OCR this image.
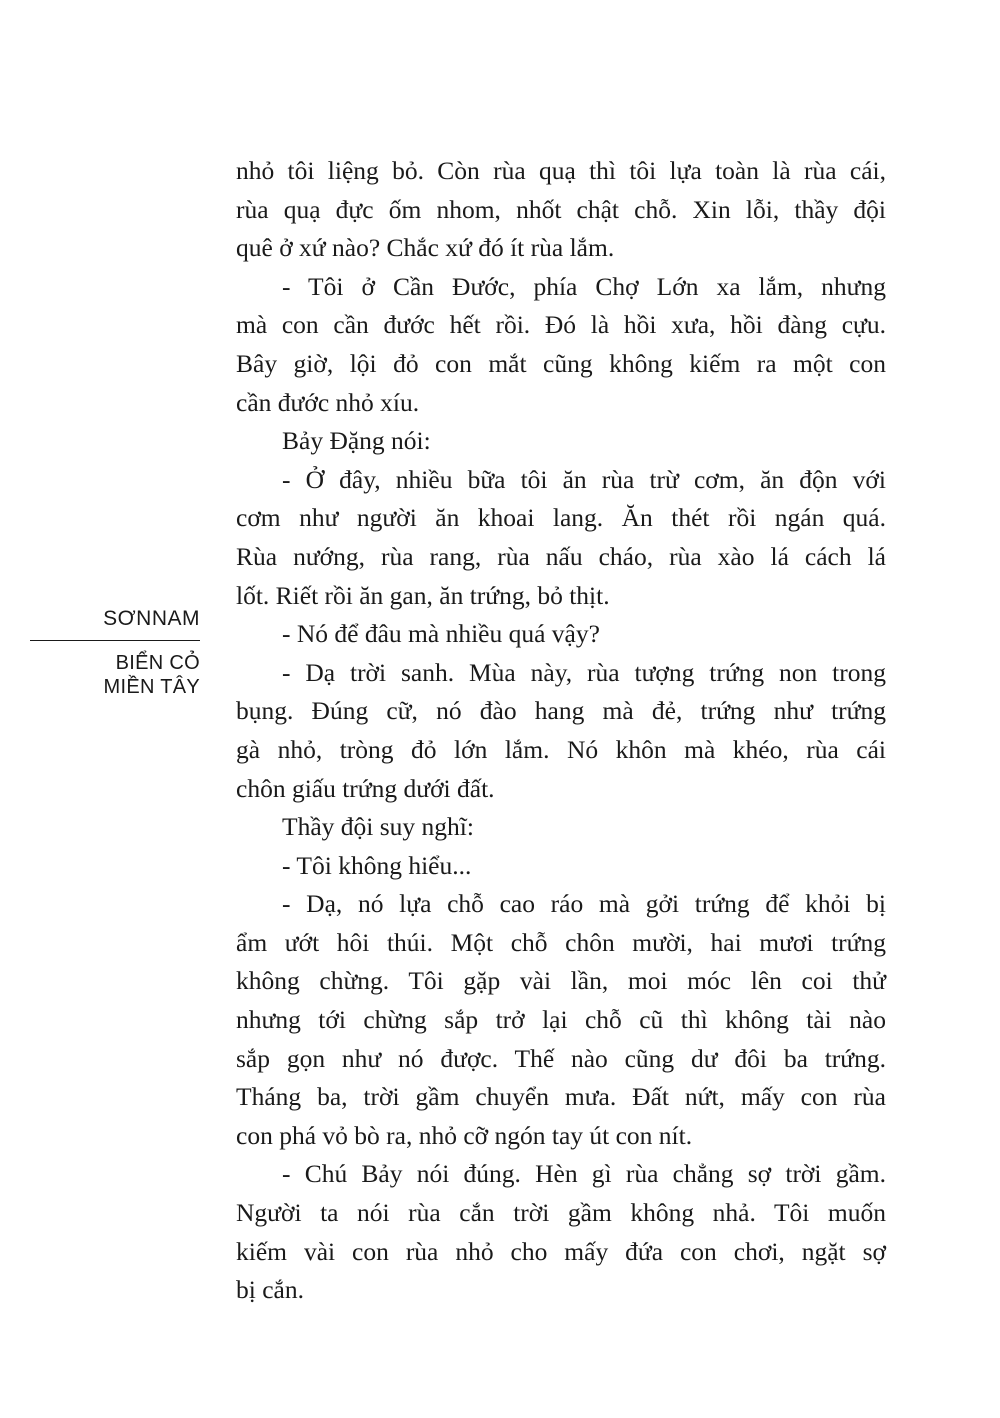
SƠNNAM
BIỂN CỎ
MIỀN TÂY
nhỏ tôi liệng bỏ. Còn rùa quạ thì tôi lựa toàn là rùa cái,
rùa quạ đực ốm nhom, nhốt chật chỗ. Xin lỗi, thầy đội
quê ở xứ nào? Chắc xứ đó ít rùa lắm.
- Tôi ở Cần Đước, phía Chợ Lớn xa lắm, nhưng
mà con cần đước hết rồi. Đó là hồi xưa, hồi đàng cựu.
Bây giờ, lội đỏ con mắt cũng không kiếm ra một con
cần đước nhỏ xíu.
Bảy Đặng nói:
- Ở đây, nhiều bữa tôi ăn rùa trừ cơm, ăn độn với
cơm như người ăn khoai lang. Ăn thét rồi ngán quá.
Rùa nướng, rùa rang, rùa nấu cháo, rùa xào lá cách lá
lốt. Riết rồi ăn gan, ăn trứng, bỏ thịt.
- Nó để đâu mà nhiều quá vậy?
- Dạ trời sanh. Mùa này, rùa tượng trứng non trong
bụng. Đúng cữ, nó đào hang mà đẻ, trứng như trứng
gà nhỏ, tròng đỏ lớn lắm. Nó khôn mà khéo, rùa cái
chôn giấu trứng dưới đất.
Thầy đội suy nghĩ:
- Tôi không hiểu...
- Dạ, nó lựa chỗ cao ráo mà gởi trứng để khỏi bị
ẩm ướt hôi thúi. Một chỗ chôn mười, hai mươi trứng
không chừng. Tôi gặp vài lần, moi móc lên coi thử
nhưng tới chừng sắp trở lại chỗ cũ thì không tài nào
sắp gọn như nó được. Thế nào cũng dư đôi ba trứng.
Tháng ba, trời gầm chuyển mưa. Đất nứt, mấy con rùa
con phá vỏ bò ra, nhỏ cỡ ngón tay út con nít.
- Chú Bảy nói đúng. Hèn gì rùa chẳng sợ trời gầm.
Người ta nói rùa cắn trời gầm không nhả. Tôi muốn
kiếm vài con rùa nhỏ cho mấy đứa con chơi, ngặt sợ
bị cắn.
